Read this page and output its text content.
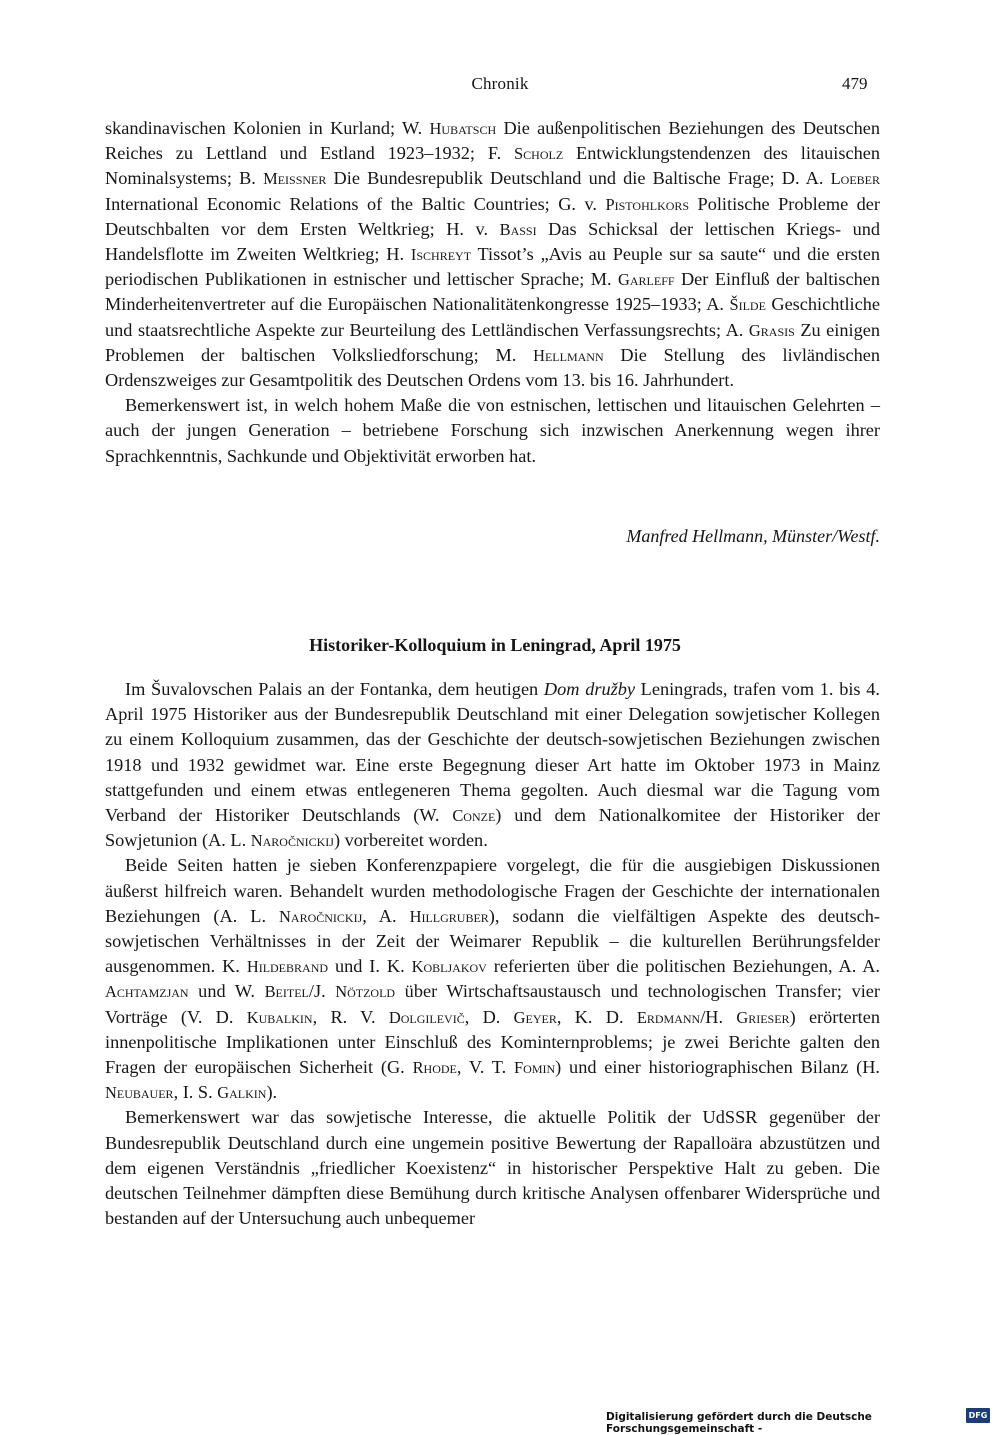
Chronik	479

skandinavischen Kolonien in Kurland; W. Hubatsch Die außenpolitischen Beziehungen des Deutschen Reiches zu Lettland und Estland 1923–1932; F. Scholz Entwicklungstendenzen des litauischen Nominalsystems; B. Meissner Die Bundesrepublik Deutschland und die Baltische Frage; D. A. Loeber International Economic Relations of the Baltic Countries; G. v. Pistohlkors Politische Probleme der Deutschbalten vor dem Ersten Weltkrieg; H. v. Bassi Das Schicksal der lettischen Kriegs- und Handelsflotte im Zweiten Weltkrieg; H. Ischreyt Tissot’s „Avis au Peuple sur sa saute“ und die ersten periodischen Publikationen in estnischer und lettischer Sprache; M. Garleff Der Einfluß der baltischen Minderheitenvertreter auf die Europäischen Nationalitätenkongresse 1925–1933; A. Šilde Geschichtliche und staatsrechtliche Aspekte zur Beurteilung des Lettländischen Verfassungsrechts; A. Grasis Zu einigen Problemen der baltischen Volksliedforschung; M. Hellmann Die Stellung des livländischen Ordenszweiges zur Gesamtpolitik des Deutschen Ordens vom 13. bis 16. Jahrhundert.

Bemerkenswert ist, in welch hohem Maße die von estnischen, lettischen und litauischen Gelehrten – auch der jungen Generation – betriebene Forschung sich inzwischen Anerkennung wegen ihrer Sprachkenntnis, Sachkunde und Objektivität erworben hat.

Manfred Hellmann, Münster/Westf.
Historiker-Kolloquium in Leningrad, April 1975

Im Šuvalovschen Palais an der Fontanka, dem heutigen Dom družby Leningrads, trafen vom 1. bis 4. April 1975 Historiker aus der Bundesrepublik Deutschland mit einer Delegation sowjetischer Kollegen zu einem Kolloquium zusammen, das der Geschichte der deutsch-sowjetischen Beziehungen zwischen 1918 und 1932 gewidmet war. Eine erste Begegnung dieser Art hatte im Oktober 1973 in Mainz stattgefunden und einem etwas entlegeneren Thema gegolten. Auch diesmal war die Tagung vom Verband der Historiker Deutschlands (W. Conze) und dem Nationalkomitee der Historiker der Sowjetunion (A. L. Naročnickij) vorbereitet worden.

Beide Seiten hatten je sieben Konferenzpapiere vorgelegt, die für die ausgiebigen Diskussionen äußerst hilfreich waren. Behandelt wurden methodologische Fragen der Geschichte der internationalen Beziehungen (A. L. Naročnickij, A. Hillgruber), sodann die vielfältigen Aspekte des deutsch-sowjetischen Verhältnisses in der Zeit der Weimarer Republik – die kulturellen Berührungsfelder ausgenommen. K. Hildebrand und I. K. Kobljakov referierten über die politischen Beziehungen, A. A. Achtamzjan und W. Beitel/J. Nötzold über Wirtschaftsaustausch und technologischen Transfer; vier Vorträge (V. D. Kubalkin, R. V. Dolgilevič, D. Geyer, K. D. Erdmann/H. Grieser) erörterten innenpolitische Implikationen unter Einschluß des Kominternproblems; je zwei Berichte galten den Fragen der europäischen Sicherheit (G. Rhode, V. T. Fomin) und einer historiographischen Bilanz (H. Neubauer, I. S. Galkin).

Bemerkenswert war das sowjetische Interesse, die aktuelle Politik der UdSSR gegenüber der Bundesrepublik Deutschland durch eine ungemein positive Bewertung der Rapalloära abzustützen und dem eigenen Verständnis „friedlicher Koexistenz“ in historischer Perspektive Halt zu geben. Die deutschen Teilnehmer dämpften diese Bemühung durch kritische Analysen offenbarer Widersprüche und bestanden auf der Untersuchung auch unbequemer

Digitalisierung gefördert durch die Deutsche Forschungsgemeinschaft -
DFG
